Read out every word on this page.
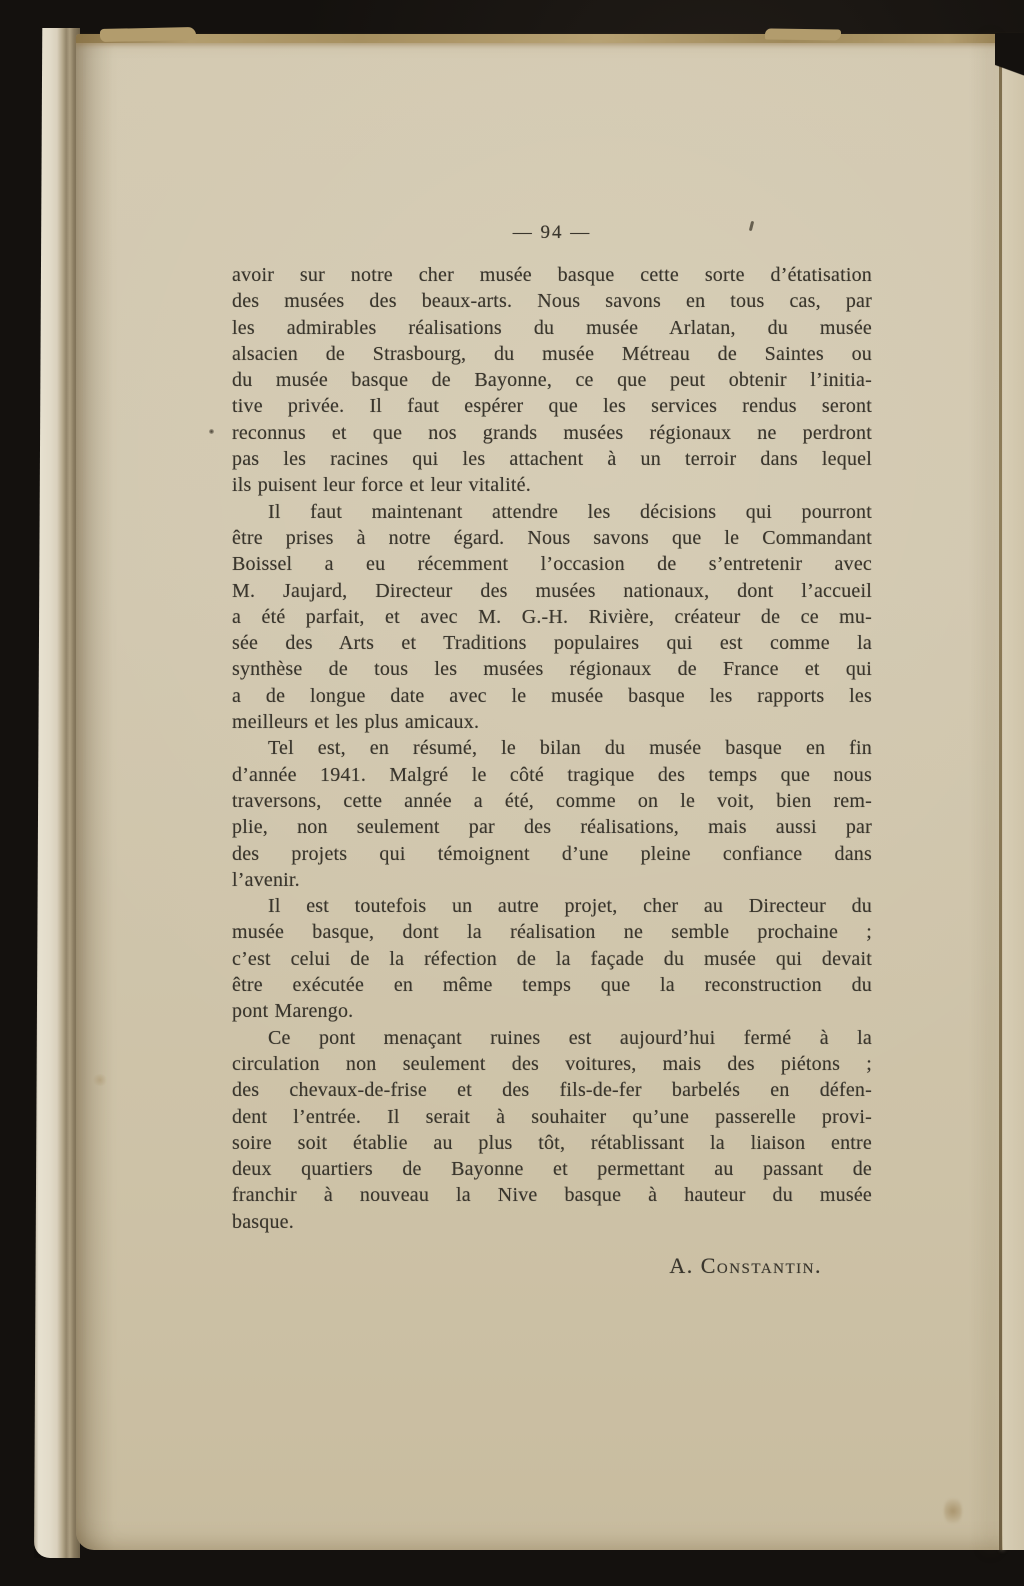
— 94 —
avoir sur notre cher musée basque cette sorte d’étatisation
des musées des beaux-arts. Nous savons en tous cas, par
les admirables réalisations du musée Arlatan, du musée
alsacien de Strasbourg, du musée Métreau de Saintes ou
du musée basque de Bayonne, ce que peut obtenir l’initia-
tive privée. Il faut espérer que les services rendus seront
reconnus et que nos grands musées régionaux ne perdront
pas les racines qui les attachent à un terroir dans lequel
ils puisent leur force et leur vitalité.
Il faut maintenant attendre les décisions qui pourront
être prises à notre égard. Nous savons que le Commandant
Boissel a eu récemment l’occasion de s’entretenir avec
M. Jaujard, Directeur des musées nationaux, dont l’accueil
a été parfait, et avec M. G.-H. Rivière, créateur de ce mu-
sée des Arts et Traditions populaires qui est comme la
synthèse de tous les musées régionaux de France et qui
a de longue date avec le musée basque les rapports les
meilleurs et les plus amicaux.
Tel est, en résumé, le bilan du musée basque en fin
d’année 1941. Malgré le côté tragique des temps que nous
traversons, cette année a été, comme on le voit, bien rem-
plie, non seulement par des réalisations, mais aussi par
des projets qui témoignent d’une pleine confiance dans
l’avenir.
Il est toutefois un autre projet, cher au Directeur du
musée basque, dont la réalisation ne semble prochaine ;
c’est celui de la réfection de la façade du musée qui devait
être exécutée en même temps que la reconstruction du
pont Marengo.
Ce pont menaçant ruines est aujourd’hui fermé à la
circulation non seulement des voitures, mais des piétons ;
des chevaux-de-frise et des fils-de-fer barbelés en défen-
dent l’entrée. Il serait à souhaiter qu’une passerelle provi-
soire soit établie au plus tôt, rétablissant la liaison entre
deux quartiers de Bayonne et permettant au passant de
franchir à nouveau la Nive basque à hauteur du musée
basque.
A. Constantin.
